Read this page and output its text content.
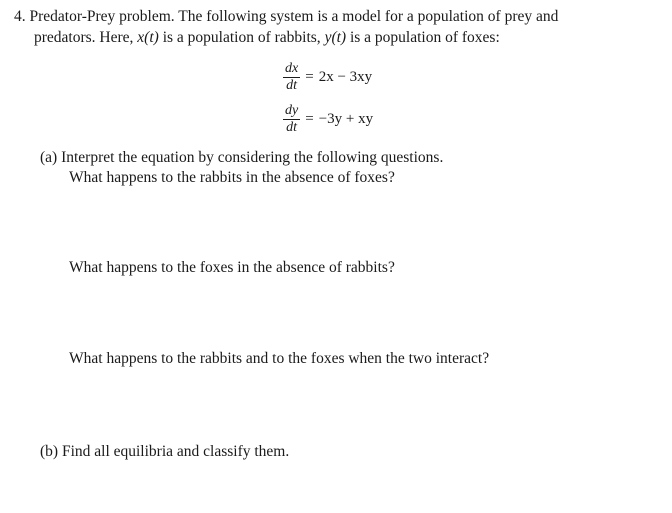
4. Predator-Prey problem. The following system is a model for a population of prey and
predators. Here, x(t) is a population of rabbits, y(t) is a population of foxes:
$\frac{dx}{dt} = 2x - 3xy$
$\frac{dy}{dt} = -3y$ + xy
(a) Interpret the equation by considering the following questions.
What happens to the rabbits in the absence of foxes?
What happens to the foxes in the absence of rabbits?
What happens to the rabbits and to the foxes when the two interact?
(b) Find all equilibria and classify them.
